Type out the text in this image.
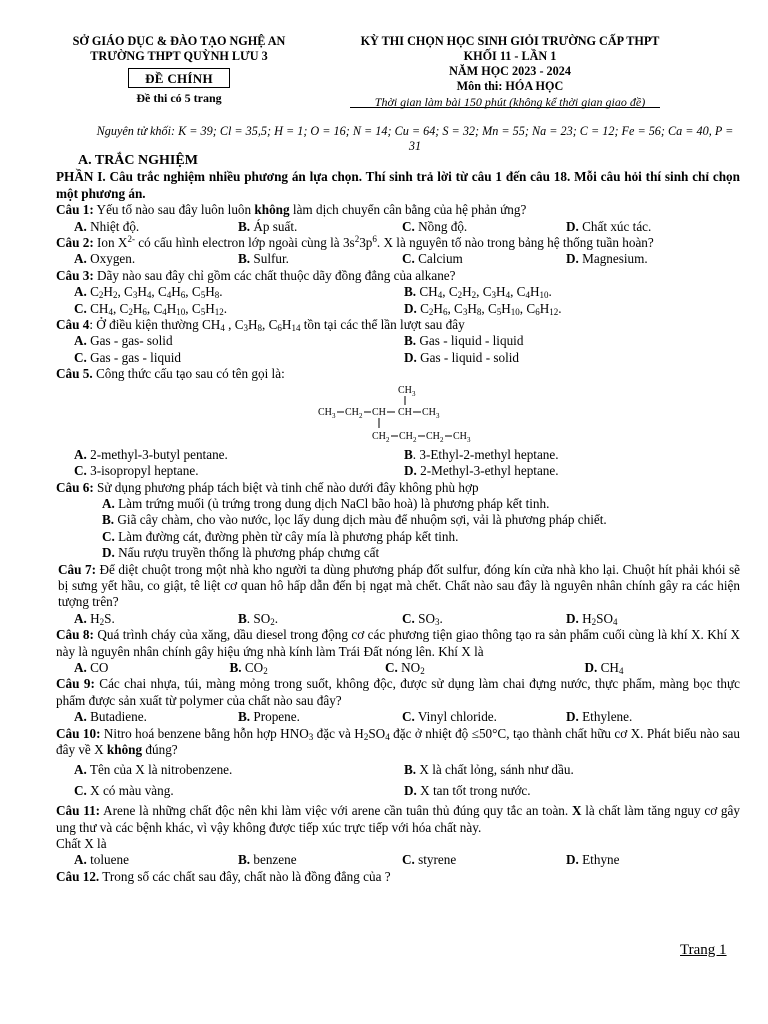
SỞ GIÁO DỤC & ĐÀO TẠO NGHỆ AN
TRƯỜNG THPT QUỲNH LƯU 3
ĐỀ CHÍNH
Đề thi có 5 trang
KỲ THI CHỌN HỌC SINH GIỎI TRƯỜNG CẤP THPT
KHỐI 11 - LẦN 1
NĂM HỌC 2023 - 2024
Môn thi: HÓA HỌC
Thời gian làm bài 150 phút (không kể thời gian giao đề)
Nguyên tử khối: K = 39; Cl = 35,5; H = 1; O = 16; N = 14; Cu = 64; S = 32; Mn = 55; Na = 23; C = 12; Fe = 56; Ca = 40, P = 31
A. TRẮC NGHIỆM
PHẦN I. Câu trắc nghiệm nhiều phương án lựa chọn. Thí sinh trả lời từ câu 1 đến câu 18. Mỗi câu hỏi thí sinh chỉ chọn một phương án.
Câu 1: Yếu tố nào sau đây luôn luôn không làm dịch chuyển cân bằng của hệ phản ứng?
A. Nhiệt độ.	B. Áp suất.	C. Nồng độ.	D. Chất xúc tác.
Câu 2: Ion $X^{2-}$ có cấu hình electron lớp ngoài cùng là $3s^23p^6$. X là nguyên tố nào trong bảng hệ thống tuần hoàn?
A. Oxygen.	B. Sulfur.	C. Calcium	D. Magnesium.
Câu 3: Dãy nào sau đây chỉ gồm các chất thuộc dãy đồng đẳng của alkane?
A. $C_2H_2$, $C_3H_4$, $C_4H_6$, $C_5H_8$.	B. $CH_4$, $C_2H_2$, $C_3H_4$, $C_4H_{10}$.
C. $CH_4$, $C_2H_6$, $C_4H_{10}$, $C_5H_{12}$.	D. $C_2H_6$, $C_3H_8$, $C_5H_{10}$, $C_6H_{12}$.
Câu 4: Ở điều kiện thường $CH_4$ , $C_3H_8$, $C_6H_{14}$ tồn tại các thể lần lượt sau đây
A. Gas - gas- solid	B. Gas - liquid - liquid
C. Gas - gas - liquid	D. Gas - liquid - solid
Câu 5. Công thức cấu tạo sau có tên gọi là:
CH 3
CH 3 CH 2 CH CH CH 3
CH 2 CH 2 CH 2 CH 3
A. 2-methyl-3-butyl pentane.	B. 3-Ethyl-2-methyl heptane.
C. 3-isopropyl heptane.	D. 2-Methyl-3-ethyl heptane.
Câu 6: Sử dụng phương pháp tách biệt và tinh chế nào dưới đây không phù hợp
A. Làm trứng muối (ủ trứng trong dung dịch NaCl bão hoà) là phương pháp kết tinh.
B. Giã cây chàm, cho vào nước, lọc lấy dung dịch màu để nhuộm sợi, vải là phương pháp chiết.
C. Làm đường cát, đường phèn từ cây mía là phương pháp kết tinh.
D. Nấu rượu truyền thống là phương pháp chưng cất
Câu 7: Để diệt chuột trong một nhà kho người ta dùng phương pháp đốt sulfur, đóng kín cửa nhà kho lại. Chuột hít phải khói sẽ bị sưng yết hầu, co giật, tê liệt cơ quan hô hấp dẫn đến bị ngạt mà chết. Chất nào sau đây là nguyên nhân chính gây ra các hiện tượng trên?
A. $H_2S$.	B. $SO_2$.	C. $SO_3$.	D. $H_2SO_4$
Câu 8: Quá trình cháy của xăng, dầu diesel trong động cơ các phương tiện giao thông tạo ra sản phẩm cuối cùng là khí X. Khí X này là nguyên nhân chính gây hiệu ứng nhà kính làm Trái Đất nóng lên. Khí X là
A. CO	B. $CO_2$	C. $NO_2$	D. $CH_4$
Câu 9: Các chai nhựa, túi, màng mỏng trong suốt, không độc, được sử dụng làm chai đựng nước, thực phẩm, màng bọc thực phẩm được sản xuất từ polymer của chất nào sau đây?
A. Butadiene.	B. Propene.	C. Vinyl chloride.	D. Ethylene.
Câu 10: Nitro hoá benzene bằng hỗn hợp $HNO_3$ đặc và $H_2SO_4$ đặc ở nhiệt độ ≤50°C, tạo thành chất hữu cơ X. Phát biểu nào sau đây về X không đúng?
A. Tên của X là nitrobenzene.	B. X là chất lỏng, sánh như dầu.
C. X có màu vàng.	D. X tan tốt trong nước.
Câu 11: Arene là những chất độc nên khi làm việc với arene cần tuân thủ đúng quy tắc an toàn. X là chất làm tăng nguy cơ gây ung thư và các bệnh khác, vì vậy không được tiếp xúc trực tiếp với hóa chất này.
Chất X là
A. toluene	B. benzene	C. styrene	D. Ethyne
Câu 12. Trong số các chất sau đây, chất nào là đồng đẳng của ?
Trang 1
